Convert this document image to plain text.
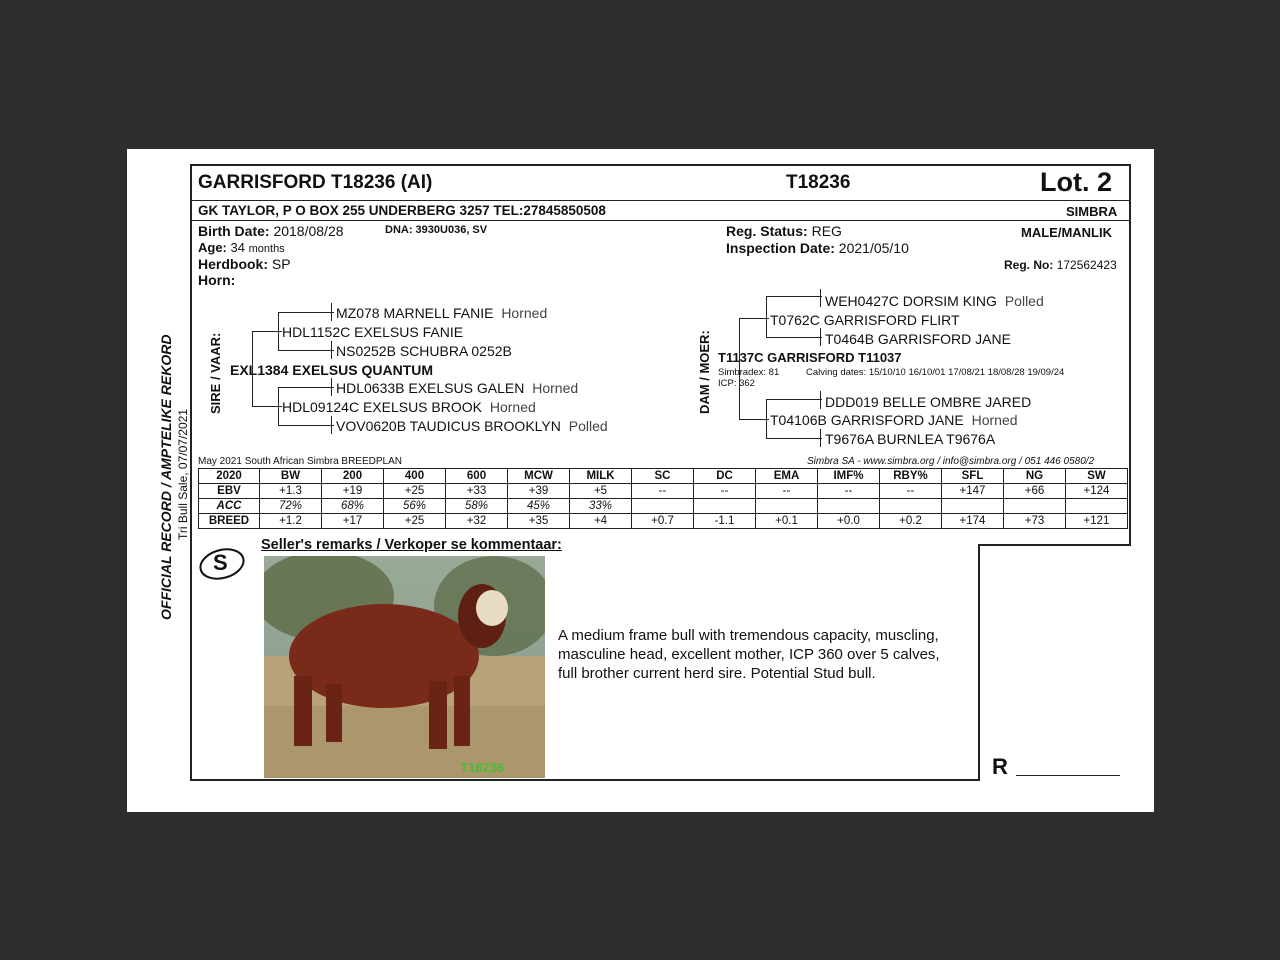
OFFICIAL RECORD / AMPTELIKE REKORD Tri Bull Sale, 07/07/2021
GARRISFORD T18236 (AI)	T18236	Lot. 2
GK TAYLOR, P O BOX 255 UNDERBERG 3257 TEL:27845850508	SIMBRA
Birth Date: 2018/08/28	DNA: 3930U036, SV
Age: 34 months
Herdbook: SP
Horn:
Reg. Status: REG
Inspection Date: 2021/05/10
MALE/MANLIK
Reg. No: 172562423
SIRE / VAAR:
MZ078 MARNELL FANIE Horned
HDL1152C EXELSUS FANIE
NS0252B SCHUBRA 0252B
EXL1384 EXELSUS QUANTUM
HDL0633B EXELSUS GALEN Horned
HDL09124C EXELSUS BROOK Horned
VOV0620B TAUDICUS BROOKLYN Polled
DAM / MOER:
WEH0427C DORSIM KING Polled
T0762C GARRISFORD FLIRT
T0464B GARRISFORD JANE
T1137C GARRISFORD T11037
Simbradex: 81	Calving dates: 15/10/10 16/10/01 17/08/21 18/08/28 19/09/24
ICP: 362
DDD019 BELLE OMBRE JARED
T04106B GARRISFORD JANE Horned
T9676A BURNLEA T9676A
May 2021 South African Simbra BREEDPLAN	Simbra SA - www.simbra.org / info@simbra.org / 051 446 0580/2
2020	BW	200	400	600	MCW	MILK	SC	DC	EMA	IMF%	RBY%	SFL	NG	SW
EBV	+1.3	+19	+25	+33	+39	+5	--	--	--	--	--	+147	+66	+124
ACC	72%	68%	56%	58%	45%	33%								
BREED	+1.2	+17	+25	+32	+35	+4	+0.7	-1.1	+0.1	+0.0	+0.2	+174	+73	+121
S
Seller's remarks / Verkoper se kommentaar:
T18236
A medium frame bull with tremendous capacity, muscling,
masculine head, excellent mother, ICP 360 over 5 calves,
full brother current herd sire. Potential Stud bull.
R
